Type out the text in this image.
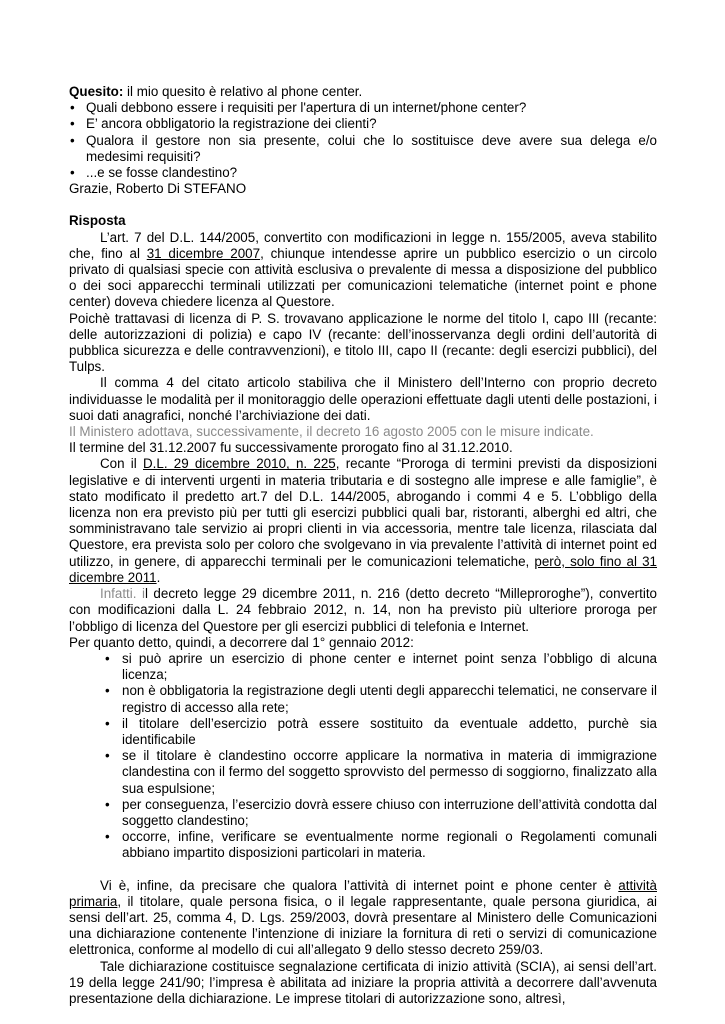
Quesito: il mio quesito è relativo al phone center.

• Quali debbono essere i requisiti per l'apertura di un internet/phone center?

• E’ ancora obbligatorio la registrazione dei clienti?

• Qualora il gestore non sia presente, colui che lo sostituisce deve avere sua delega e/o medesimi requisiti?

• ...e se fosse clandestino?

Grazie, Roberto Di STEFANO

Risposta

L’art. 7 del D.L. 144/2005, convertito con modificazioni in legge n. 155/2005, aveva stabilito che, fino al 31 dicembre 2007, chiunque intendesse aprire un pubblico esercizio o un circolo privato di qualsiasi specie con attività esclusiva o prevalente di messa a disposizione del pubblico o dei soci apparecchi terminali utilizzati per comunicazioni telematiche (internet point e phone center) doveva chiedere licenza al Questore.

Poichè trattavasi di licenza di P. S. trovavano applicazione le norme del titolo I, capo III (recante: delle autorizzazioni di polizia) e capo IV (recante: dell’inosservanza degli ordini dell’autorità di pubblica sicurezza e delle contravvenzioni), e titolo III, capo II (recante: degli esercizi pubblici), del Tulps.

Il comma 4 del citato articolo stabiliva che il Ministero dell’Interno con proprio decreto individuasse le modalità per il monitoraggio delle operazioni effettuate dagli utenti delle postazioni, i suoi dati anagrafici, nonché l’archiviazione dei dati.

Il Ministero adottava, successivamente, il decreto 16 agosto 2005 con le misure indicate.

Il termine del 31.12.2007 fu successivamente prorogato fino al 31.12.2010.

Con il D.L. 29 dicembre 2010, n. 225, recante “Proroga di termini previsti da disposizioni legislative e di interventi urgenti in materia tributaria e di sostegno alle imprese e alle famiglie”, è stato modificato il predetto art.7 del D.L. 144/2005, abrogando i commi 4 e 5. L’obbligo della licenza non era previsto più per tutti gli esercizi pubblici quali bar, ristoranti, alberghi ed altri, che somministravano tale servizio ai propri clienti in via accessoria, mentre tale licenza, rilasciata dal Questore, era prevista solo per coloro che svolgevano in via prevalente l’attività di internet point ed utilizzo, in genere, di apparecchi terminali per le comunicazioni telematiche, però, solo fino al 31 dicembre 2011.

Infatti. il decreto legge 29 dicembre 2011, n. 216 (detto decreto “Milleproroghe”), convertito con modificazioni dalla L. 24 febbraio 2012, n. 14, non ha previsto più ulteriore proroga per l’obbligo di licenza del Questore per gli esercizi pubblici di telefonia e Internet.

Per quanto detto, quindi, a decorrere dal 1° gennaio 2012:

• si può aprire un esercizio di phone center e internet point senza l’obbligo di alcuna licenza;
• non è obbligatoria la registrazione degli utenti degli apparecchi telematici, ne conservare il registro di accesso alla rete;
• il titolare dell’esercizio potrà essere sostituito da eventuale addetto, purchè sia identificabile
• se il titolare è clandestino occorre applicare la normativa in materia di immigrazione clandestina con il fermo del soggetto sprovvisto del permesso di soggiorno, finalizzato alla sua espulsione;
• per conseguenza, l’esercizio dovrà essere chiuso con interruzione dell’attività condotta dal soggetto clandestino;
• occorre, infine, verificare se eventualmente norme regionali o Regolamenti comunali abbiano impartito disposizioni particolari in materia.

Vi è, infine, da precisare che qualora l’attività di internet point e phone center è attività primaria, il titolare, quale persona fisica, o il legale rappresentante, quale persona giuridica, ai sensi dell’art. 25, comma 4, D. Lgs. 259/2003, dovrà presentare al Ministero delle Comunicazioni una dichiarazione contenente l’intenzione di iniziare la fornitura di reti o servizi di comunicazione elettronica, conforme al modello di cui all’allegato 9 dello stesso decreto 259/03.

Tale dichiarazione costituisce segnalazione certificata di inizio attività (SCIA), ai sensi dell’art. 19 della legge 241/90; l’impresa è abilitata ad iniziare la propria attività a decorrere dall’avvenuta presentazione della dichiarazione. Le imprese titolari di autorizzazione sono, altresì,
